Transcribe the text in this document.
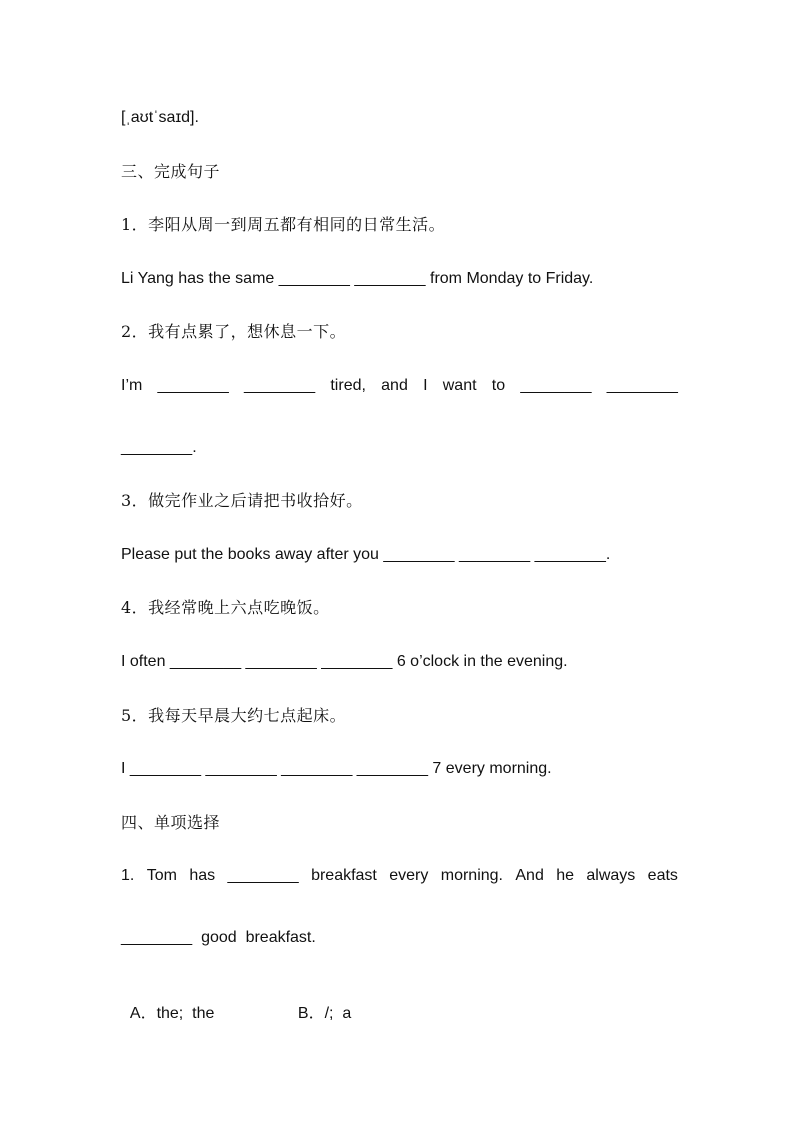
[ˌaʊtˈsaɪd].
三、完成句子
1．李阳从周一到周五都有相同的日常生活。
Li Yang has the same ________ ________ from Monday to Friday.
2．我有点累了，想休息一下。
I’m ________ ________ tired, and I want to ________ ________
________.
3．做完作业之后请把书收拾好。
Please put the books away after you ________ ________ ________.
4．我经常晚上六点吃晚饭。
I often ________ ________ ________ 6 o’clock in the evening.
5．我每天早晨大约七点起床。
I ________ ________ ________ ________ 7 every morning.
四、单项选择
1. Tom has ________ breakfast every morning. And he always eats
________  good  breakfast.

A．the;  the	B．/;  a
